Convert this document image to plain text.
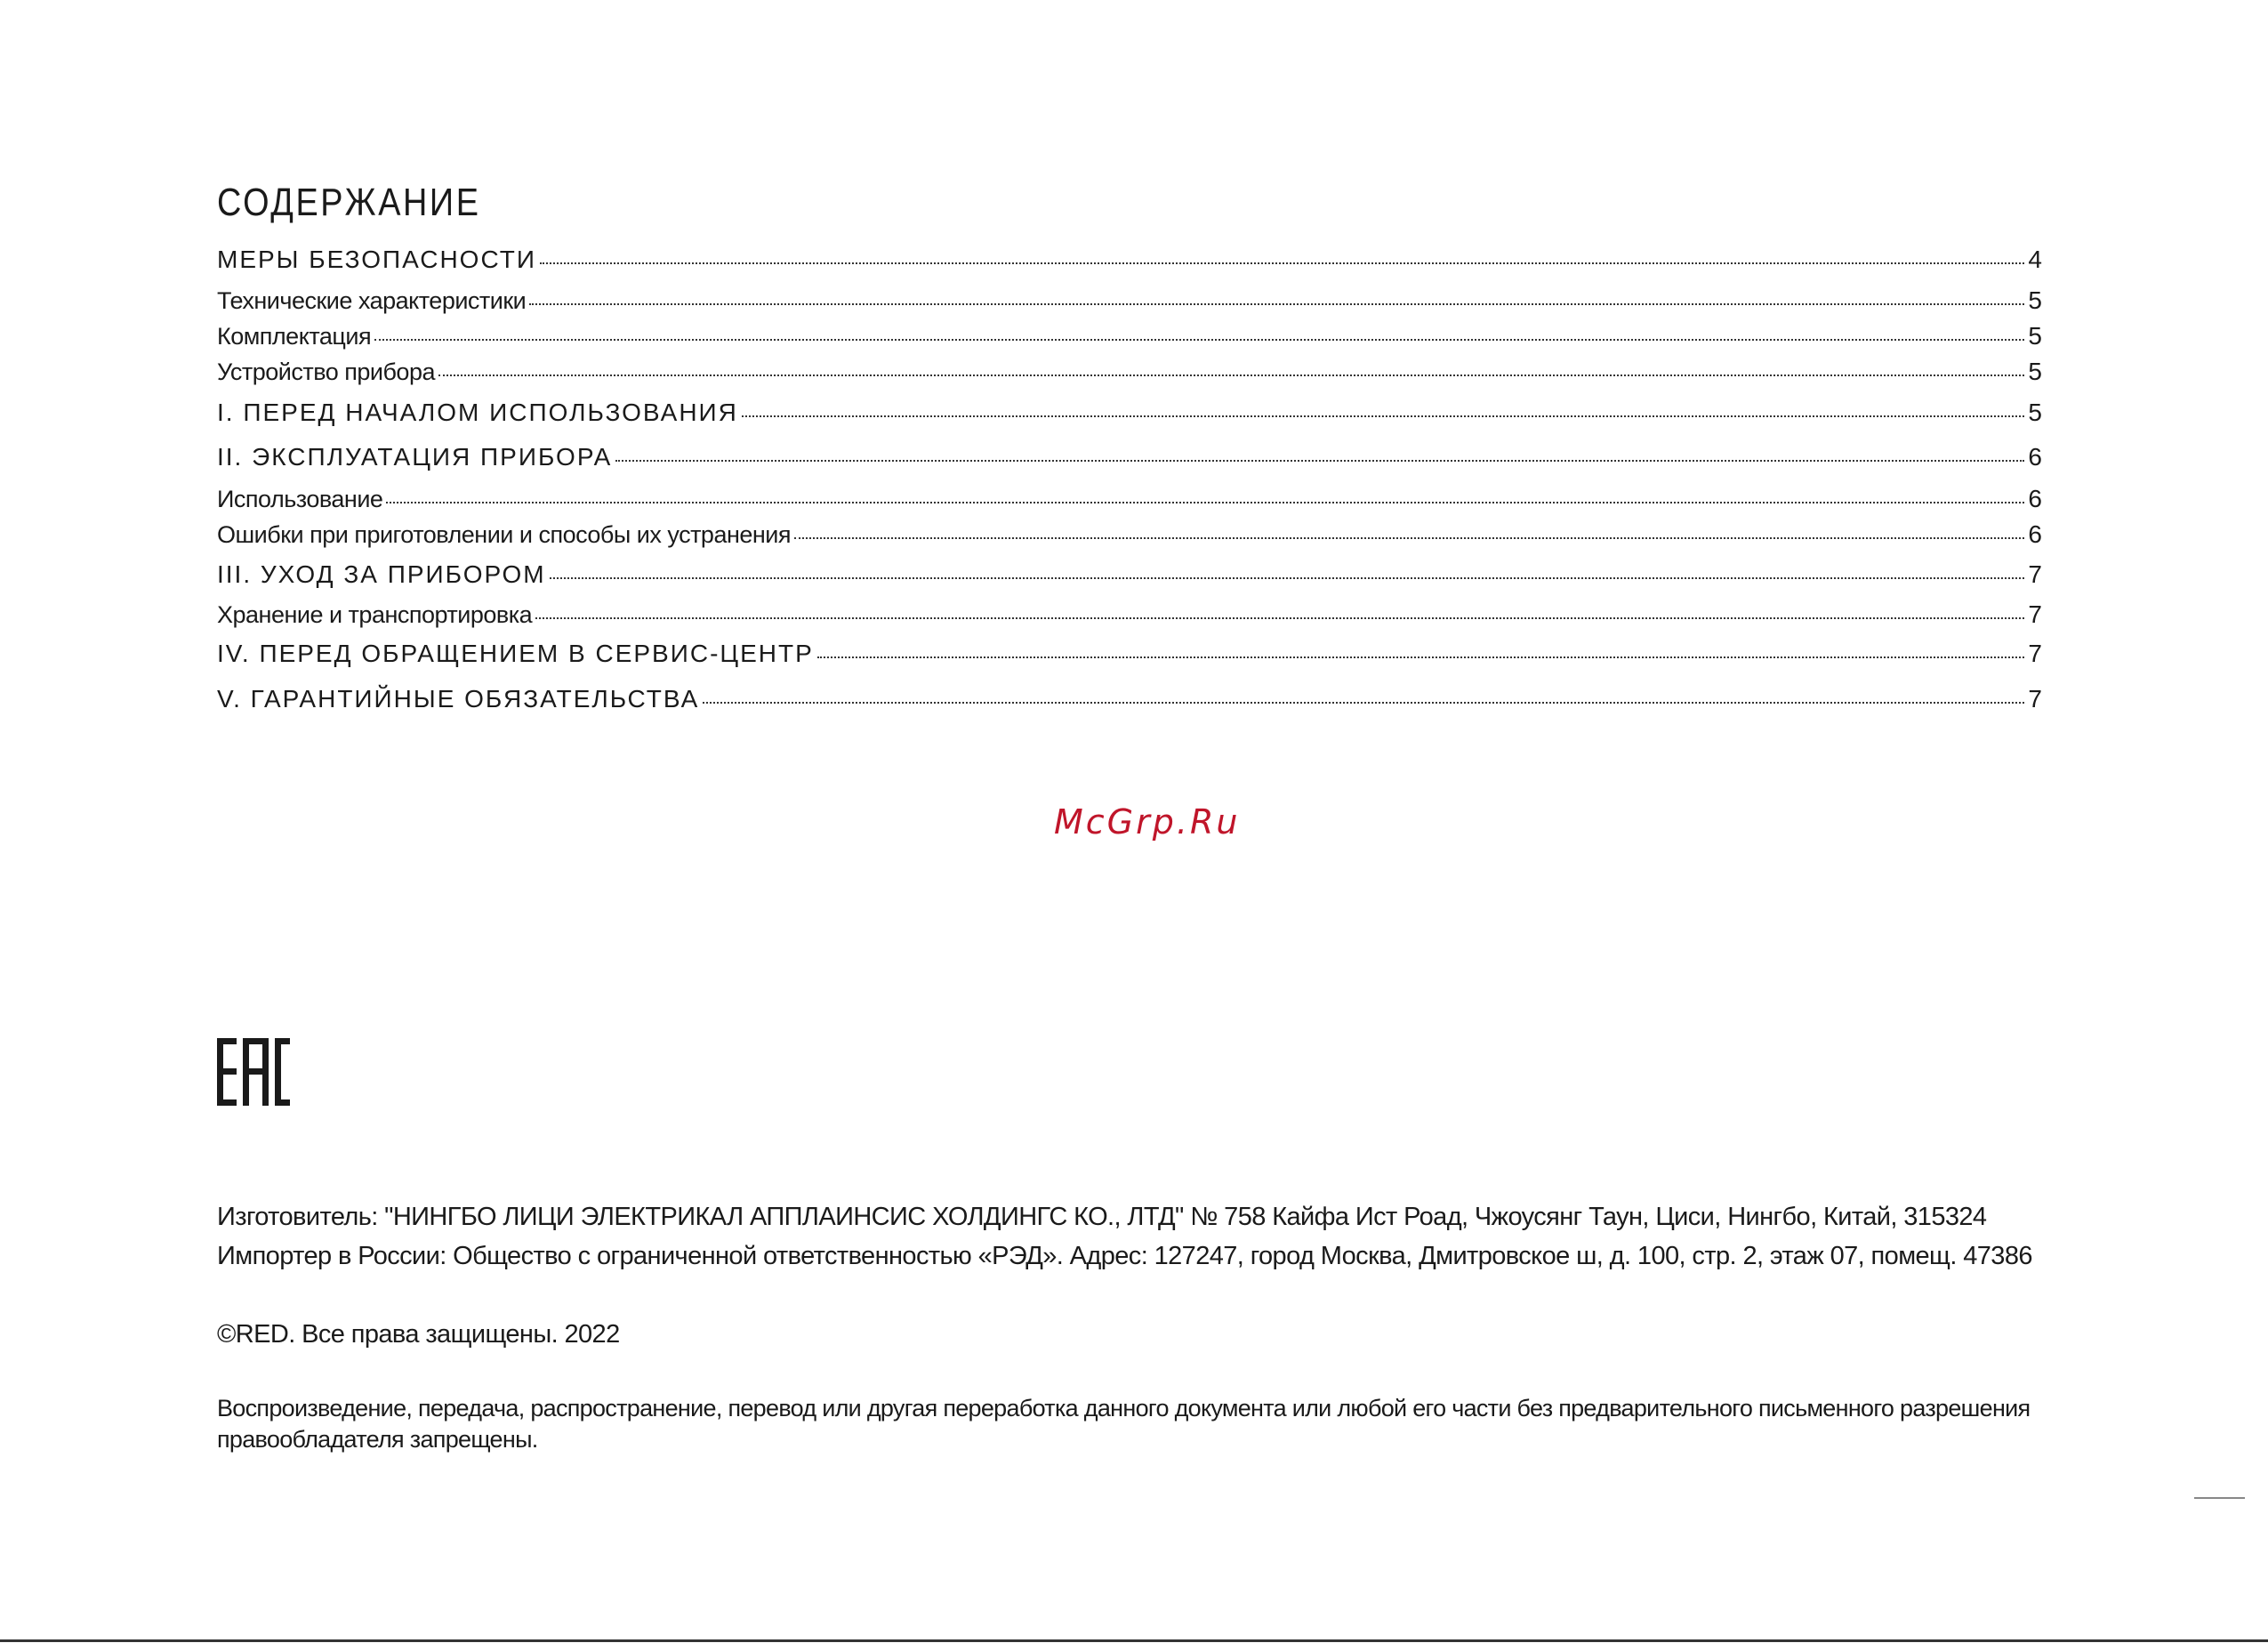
СОДЕРЖАНИЕ
МЕРЫ БЕЗОПАСНОСТИ	4
Технические характеристики	5
Комплектация	5
Устройство прибора	5
I. ПЕРЕД НАЧАЛОМ ИСПОЛЬЗОВАНИЯ	5
II. ЭКСПЛУАТАЦИЯ ПРИБОРА	6
Использование	6
Ошибки при приготовлении и способы их устранения	6
III. УХОД ЗА ПРИБОРОМ	7
Хранение и транспортировка	7
IV. ПЕРЕД ОБРАЩЕНИЕМ В СЕРВИС-ЦЕНТР	7
V. ГАРАНТИЙНЫЕ ОБЯЗАТЕЛЬСТВА	7
McGrp.Ru
Изготовитель: "НИНГБО ЛИЦИ ЭЛЕКТРИКАЛ АППЛАИНСИС ХОЛДИНГС КО., ЛТД" № 758 Кайфа Ист Роад, Чжоусянг Таун, Циси, Нингбо, Китай, 315324
Импортер в России: Общество с ограниченной ответственностью «РЭД». Адрес: 127247, город Москва, Дмитровское ш, д. 100, стр. 2, этаж 07, помещ. 47386
©RED. Все права защищены. 2022
Воспроизведение, передача, распространение, перевод или другая переработка данного документа или любой его части без предварительного письменного разрешения правообладателя запрещены.
